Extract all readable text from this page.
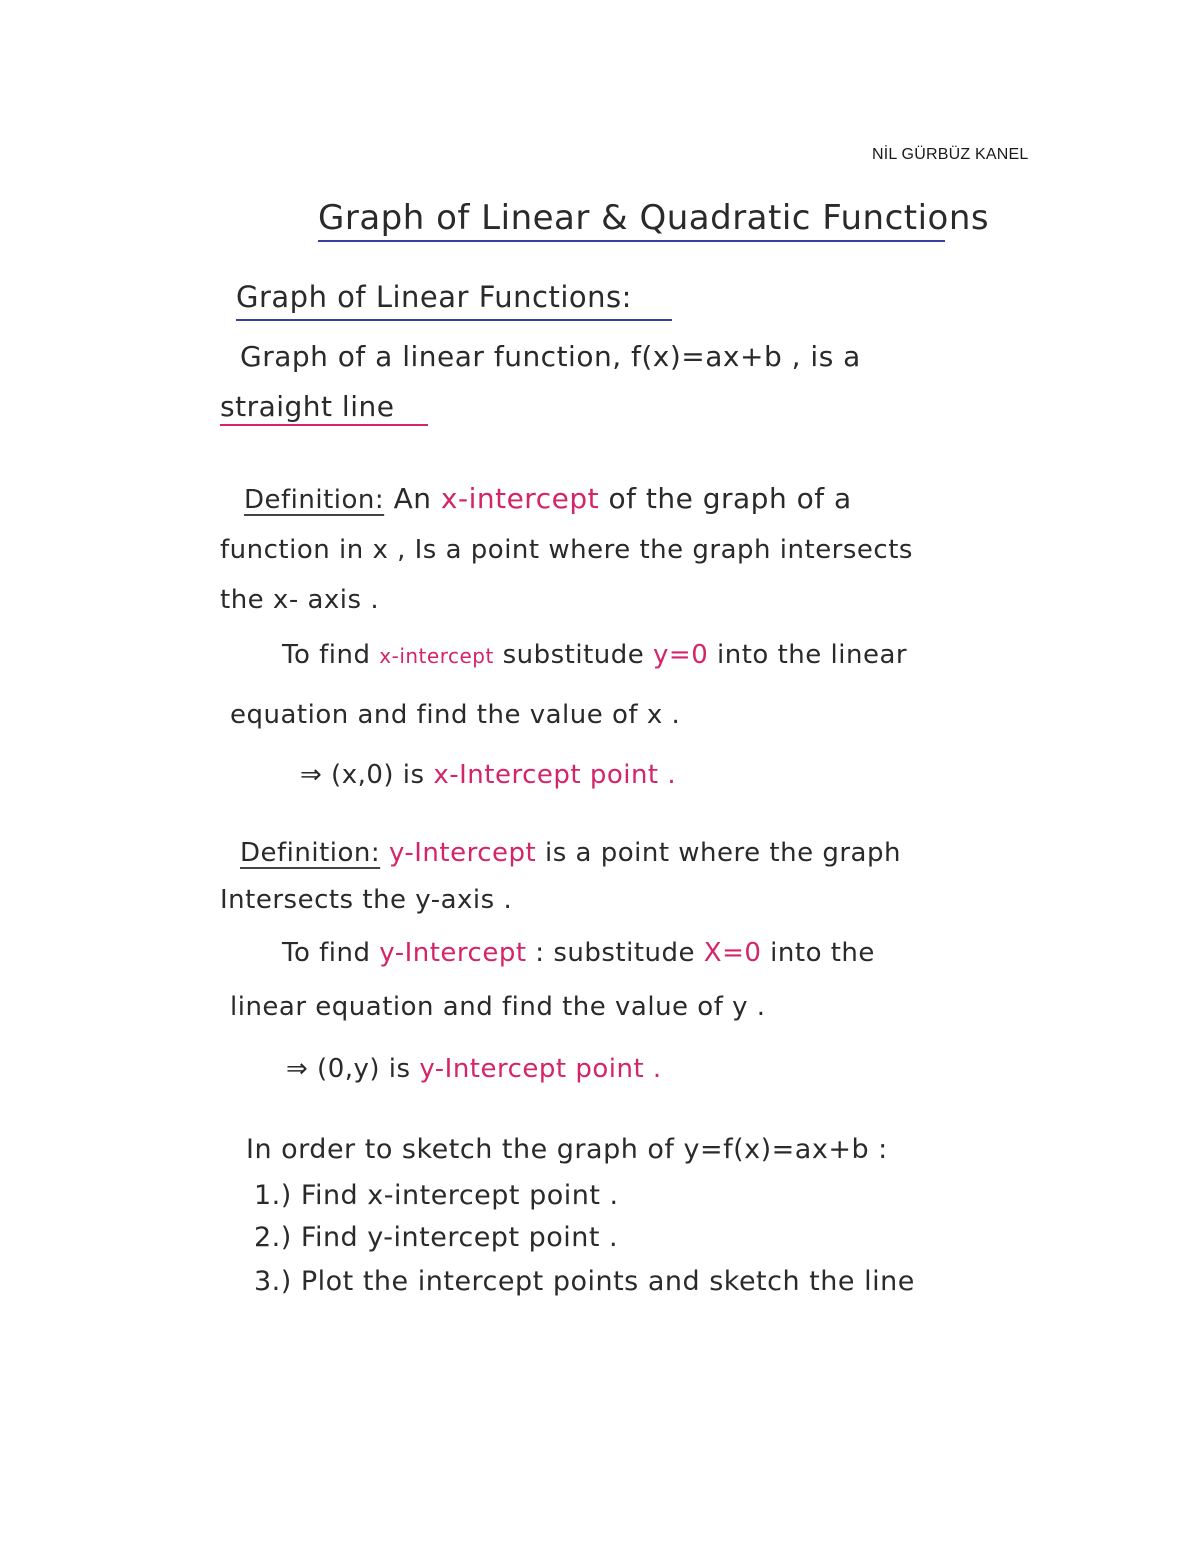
NİL GÜRBÜZ KANEL
Graph of Linear & Quadratic Functions
Graph of Linear Functions:
Graph of a linear function, f(x)=ax+b , is a
straight line
Definition: An x-intercept of the graph of a
function in x , Is a point where the graph intersects
the x- axis .
To find x-intercept substitude y=0 into the linear
equation and find the value of x .
⇒ (x,0) is x-Intercept point .
Definition: y-Intercept is a point where the graph
Intersects the y-axis .
To find y-Intercept : substitude X=0 into the
linear equation and find the value of y .
⇒ (0,y) is y-Intercept point .
In order to sketch the graph of y=f(x)=ax+b :
1.) Find x-intercept point .
2.) Find y-intercept point .
3.) Plot the intercept points and sketch the line
